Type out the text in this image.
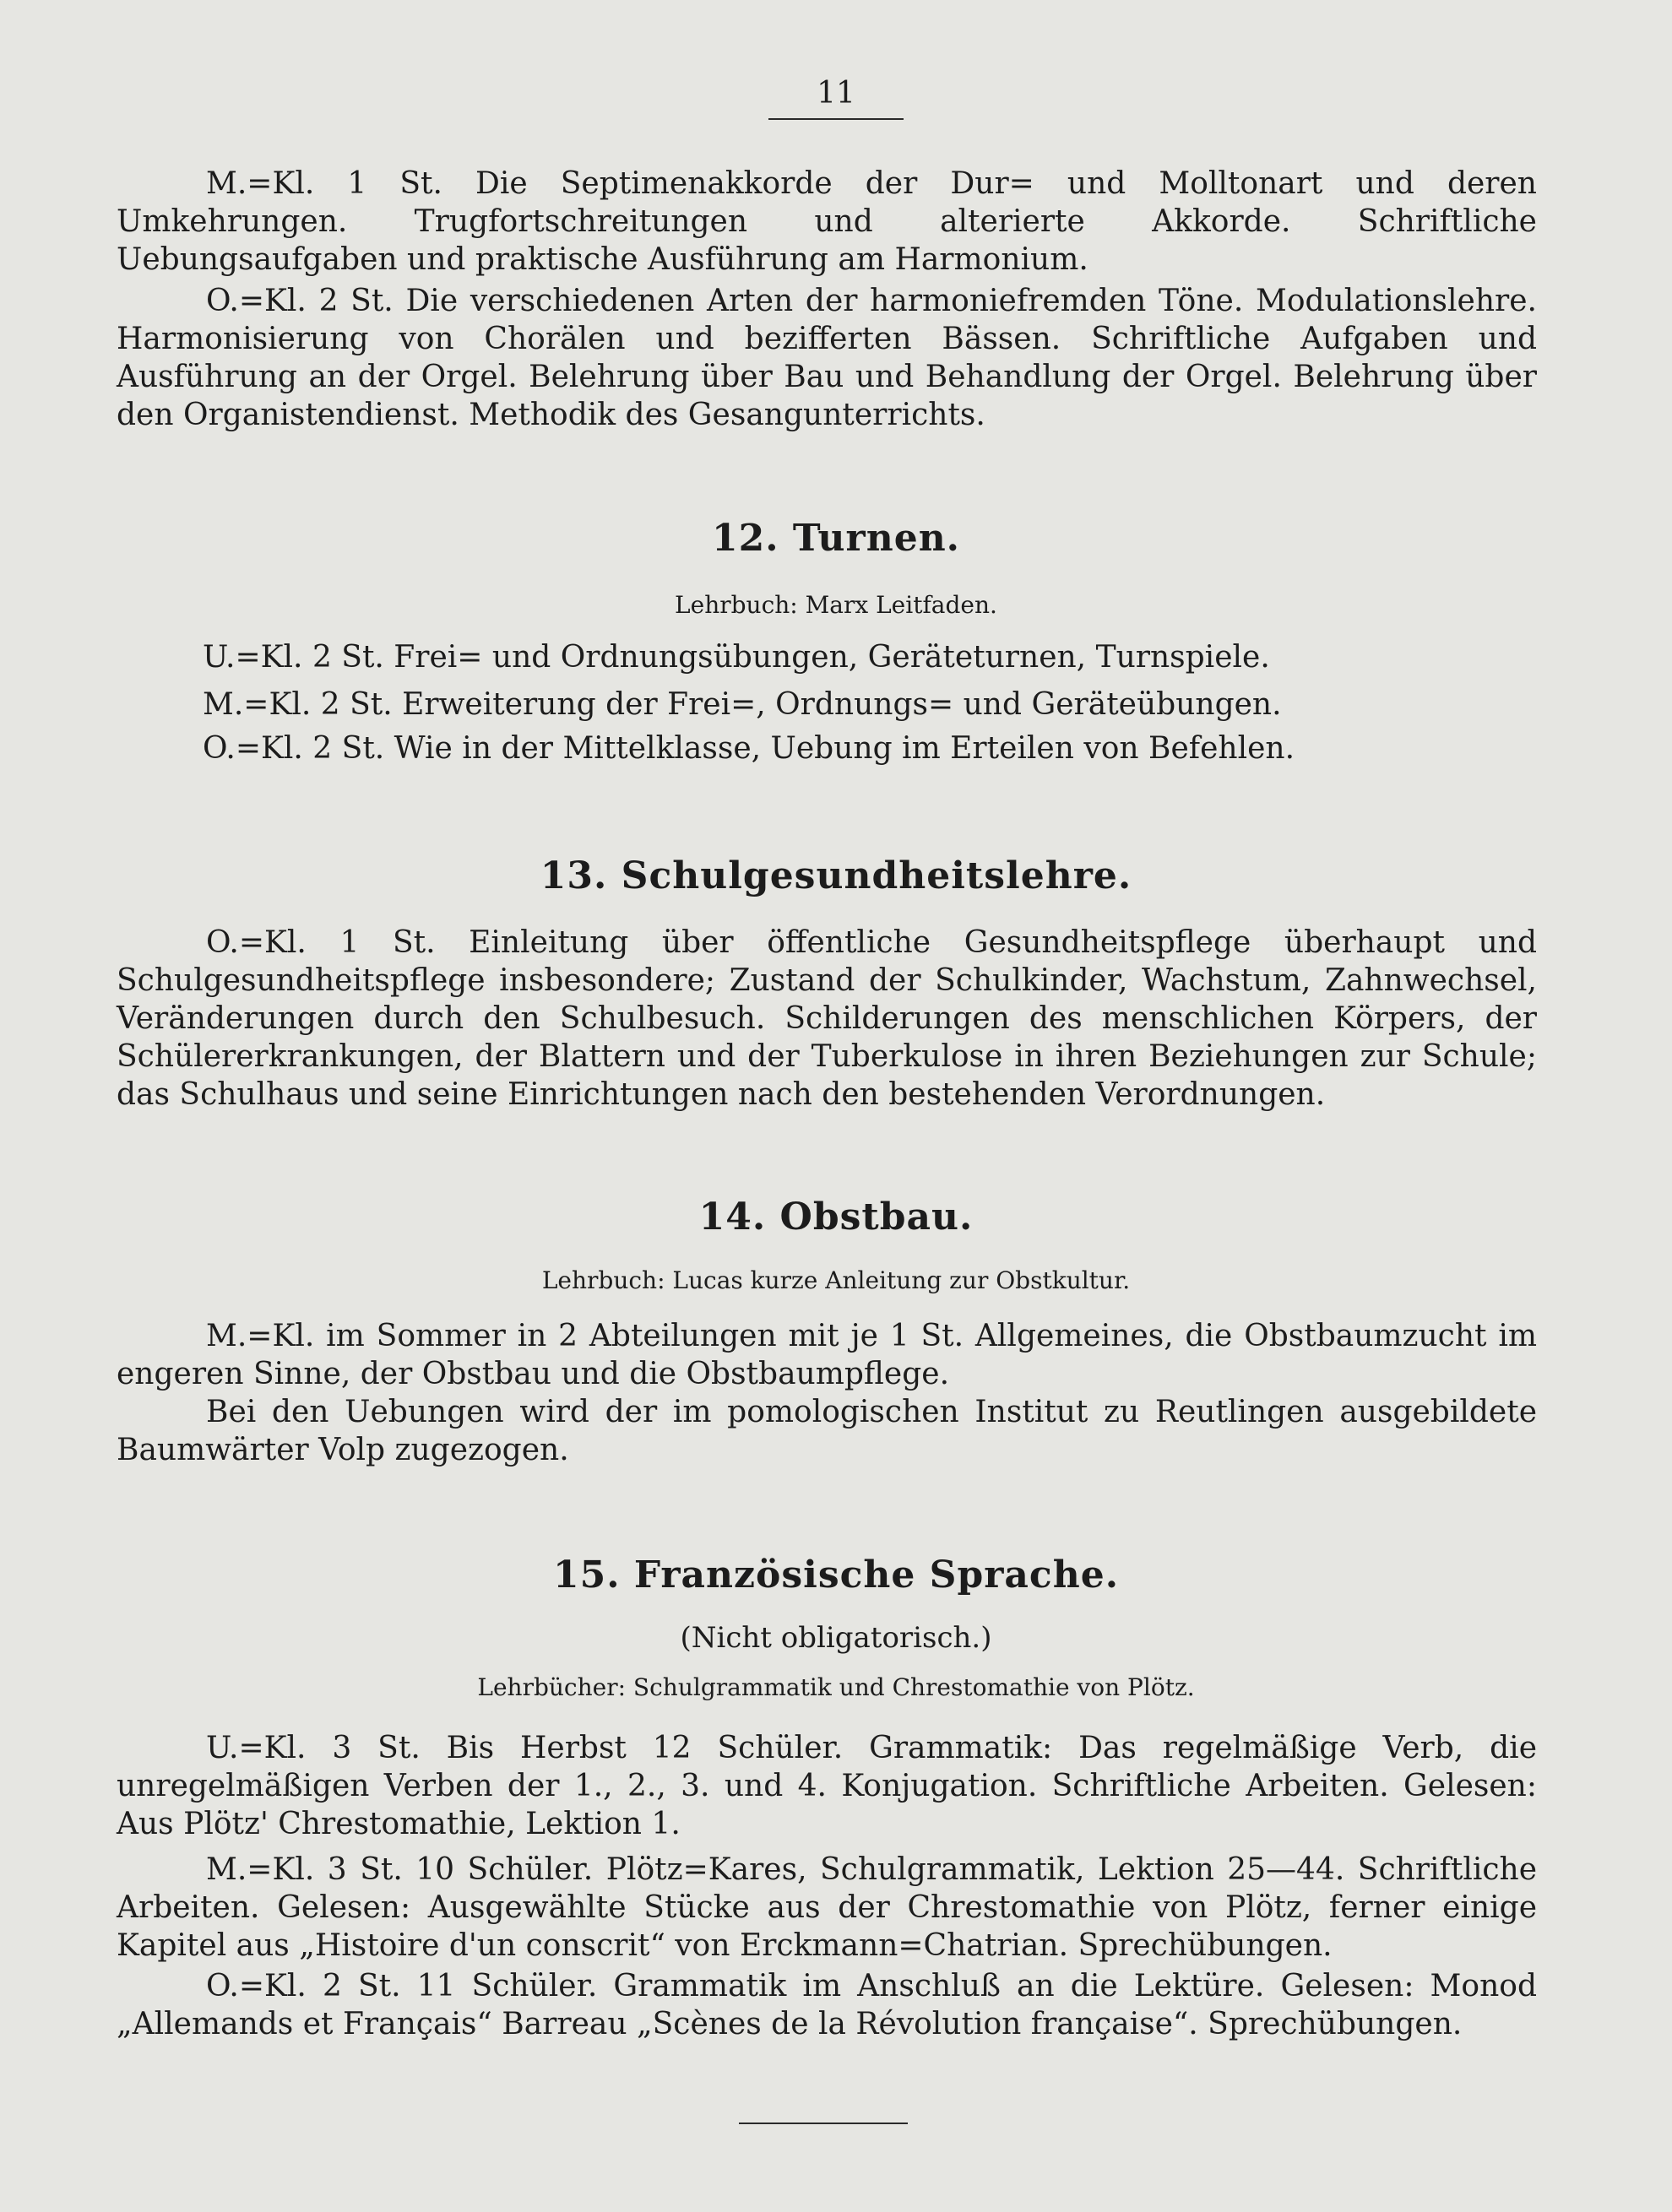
11

M.=Kl. 1 St. Die Septimenakkorde der Dur= und Molltonart und deren Umkehrungen. Trugfortschreitungen und alterierte Akkorde. Schriftliche Uebungsaufgaben und praktische Ausführung am Harmonium.

O.=Kl. 2 St. Die verschiedenen Arten der harmoniefremden Töne. Modulationslehre. Harmonisierung von Chorälen und bezifferten Bässen. Schriftliche Aufgaben und Ausführung an der Orgel. Belehrung über Bau und Behandlung der Orgel. Belehrung über den Organistendienst. Methodik des Gesangunterrichts.

12. Turnen.

Lehrbuch: Marx Leitfaden.

U.=Kl. 2 St. Frei= und Ordnungsübungen, Geräteturnen, Turnspiele.

M.=Kl. 2 St. Erweiterung der Frei=, Ordnungs= und Geräteübungen.

O.=Kl. 2 St. Wie in der Mittelklasse, Uebung im Erteilen von Befehlen.

13. Schulgesundheitslehre.

O.=Kl. 1 St. Einleitung über öffentliche Gesundheitspflege überhaupt und Schulgesundheitspflege insbesondere; Zustand der Schulkinder, Wachstum, Zahnwechsel, Veränderungen durch den Schulbesuch. Schilderungen des menschlichen Körpers, der Schülererkrankungen, der Blattern und der Tuberkulose in ihren Beziehungen zur Schule; das Schulhaus und seine Einrichtungen nach den bestehenden Verordnungen.

14. Obstbau.

Lehrbuch: Lucas kurze Anleitung zur Obstkultur.

M.=Kl. im Sommer in 2 Abteilungen mit je 1 St. Allgemeines, die Obstbaumzucht im engeren Sinne, der Obstbau und die Obstbaumpflege.

Bei den Uebungen wird der im pomologischen Institut zu Reutlingen ausgebildete Baumwärter Volp zugezogen.

15. Französische Sprache.

(Nicht obligatorisch.)

Lehrbücher: Schulgrammatik und Chrestomathie von Plötz.

U.=Kl. 3 St. Bis Herbst 12 Schüler. Grammatik: Das regelmäßige Verb, die unregelmäßigen Verben der 1., 2., 3. und 4. Konjugation. Schriftliche Arbeiten. Gelesen: Aus Plötz' Chrestomathie, Lektion 1.

M.=Kl. 3 St. 10 Schüler. Plötz=Kares, Schulgrammatik, Lektion 25—44. Schriftliche Arbeiten. Gelesen: Ausgewählte Stücke aus der Chrestomathie von Plötz, ferner einige Kapitel aus „Histoire d'un conscrit“ von Erckmann=Chatrian. Sprechübungen.

O.=Kl. 2 St. 11 Schüler. Grammatik im Anschluß an die Lektüre. Gelesen: Monod „Allemands et Français“ Barreau „Scènes de la Révolution française“. Sprechübungen.
